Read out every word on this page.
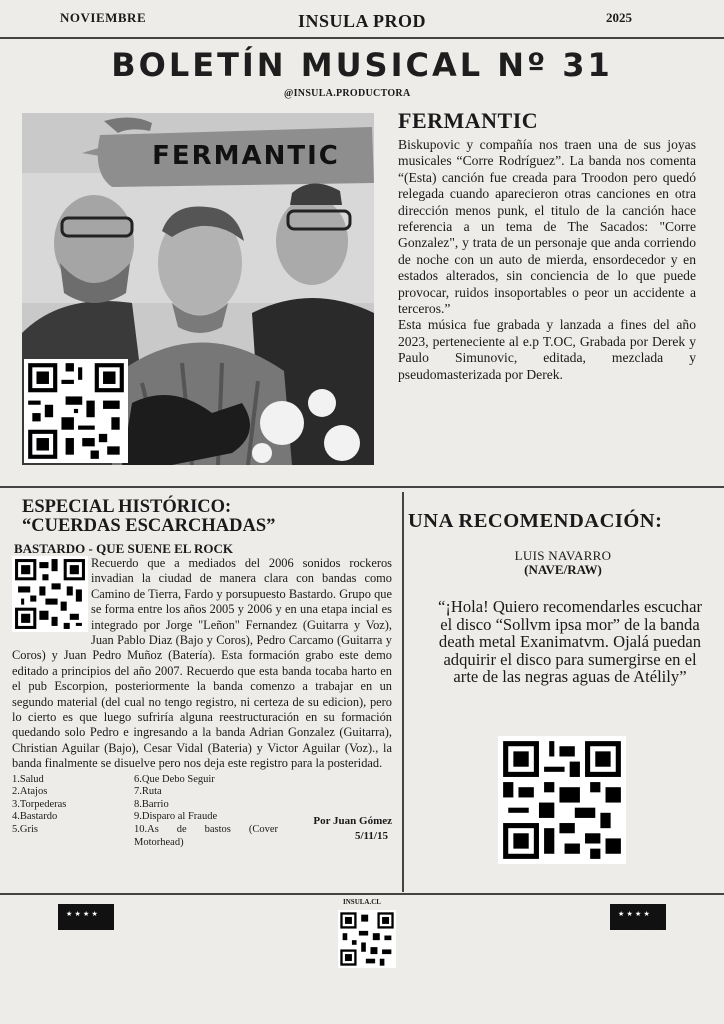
NOVIEMBRE	INSULA PROD	2025
BOLETÍN MUSICAL Nº 31
@INSULA.PRODUCTORA
FERMANTIC
FERMANTIC

Biskupovic y compañía nos traen una de sus joyas musicales “Corre Rodríguez”. La banda nos comenta “(Esta) canción fue creada para Troodon pero quedó relegada cuando aparecieron otras canciones en otra dirección menos punk, el titulo de la canción hace referencia a un tema de The Sacados: "Corre Gonzalez", y trata de un personaje que anda corriendo de noche con un auto de mierda, ensordecedor y en estados alterados, sin conciencia de lo que puede provocar, ruidos insoportables o peor un accidente a terceros.”

Esta música fue grabada y lanzada a fines del año 2023, perteneciente al e.p T.OC, Grabada por Derek y Paulo Simunovic, editada, mezclada y pseudomasterizada por Derek.

ESPECIAL HISTÓRICO:
“CUERDAS ESCARCHADAS”
BASTARDO - QUE SUENE EL ROCK
Recuerdo que a mediados del 2006 sonidos rockeros invadian la ciudad de manera clara con bandas como Camino de Tierra, Fardo y porsupuesto Bastardo. Grupo que se forma entre los años 2005 y 2006 y en una etapa incial es integrado por Jorge "Leñon" Fernandez (Guitarra y Voz), Juan Pablo Diaz (Bajo y Coros), Pedro Carcamo (Guitarra y Coros) y Juan Pedro Muñoz (Batería). Esta formación grabo este demo editado a principios del año 2007. Recuerdo que esta banda tocaba harto en el pub Escorpion, posteriormente la banda comenzo a trabajar en un segundo material (del cual no tengo registro, ni certeza de su edicion), pero lo cierto es que luego sufriría alguna reestructuración en su formación quedando solo Pedro e ingresando a la banda Adrian Gonzalez (Guitarra), Christian Aguilar (Bajo), Cesar Vidal (Bateria) y Victor Aguilar (Voz)., la banda finalmente se disuelve pero nos deja este registro para la posteridad.
1.Salud
2.Atajos
3.Torpederas
4.Bastardo
5.Gris
6.Que Debo Seguir
7.Ruta
8.Barrio
9.Disparo al Fraude
10.As de bastos (Cover Motorhead)
Por Juan Gómez
5/11/15
UNA RECOMENDACIÓN:
LUIS NAVARRO
(NAVE/RAW)
“¡Hola! Quiero recomendarles escuchar el disco “Sollvm ipsa mor” de la banda death metal Exanimatvm. Ojalá puedan adquirir el disco para sumergirse en el arte de las negras aguas de Atélily”
★ ★ ★ ★	★ ★ ★ ★
INSULA.CL
